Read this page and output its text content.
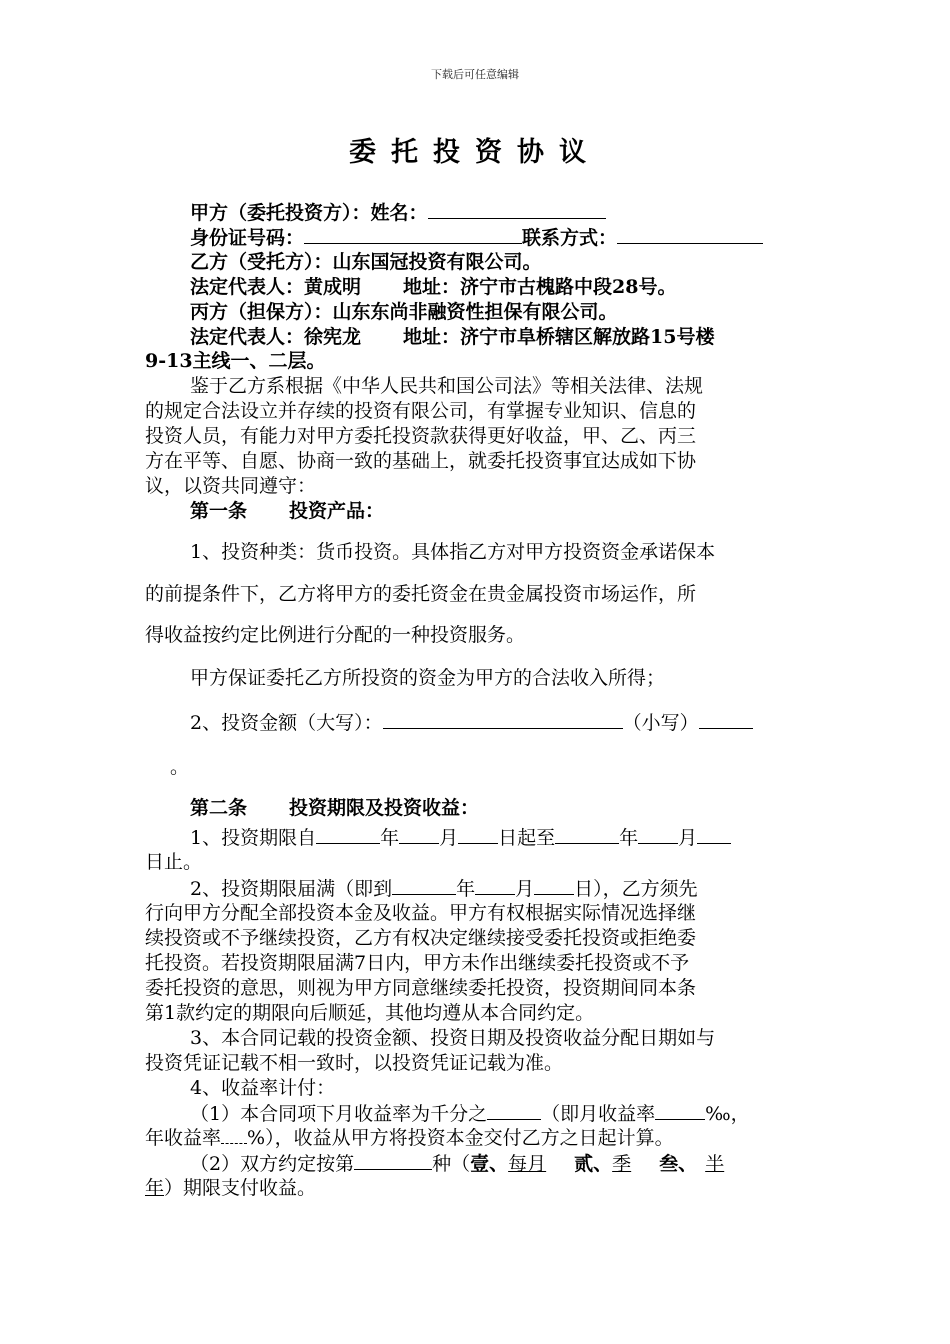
下载后可任意编辑
委托投资协议
甲方（委托投资方）：姓名：
身份证号码：	联系方式：
乙方（受托方）：山东国冠投资有限公司。
法定代表人：黄成明 地址：济宁市古槐路中段28号。
丙方（担保方）：山东东尚非融资性担保有限公司。
法定代表人：徐宪龙 地址：济宁市阜桥辖区解放路15号楼
9-13主线一、二层。
鉴于乙方系根据《中华人民共和国公司法》等相关法律、法规
的规定合法设立并存续的投资有限公司，有掌握专业知识、信息的
投资人员，有能力对甲方委托投资款获得更好收益，甲、乙、丙三
方在平等、自愿、协商一致的基础上，就委托投资事宜达成如下协
议，以资共同遵守：
第一条 投资产品：
1、投资种类：货币投资。具体指乙方对甲方投资资金承诺保本
的前提条件下，乙方将甲方的委托资金在贵金属投资市场运作，所
得收益按约定比例进行分配的一种投资服务。
甲方保证委托乙方所投资的资金为甲方的合法收入所得；
2、投资金额（大写）：	（小写）
。
第二条 投资期限及投资收益：
1、投资期限自	年 月 日起至	年 月
日止。
2、投资期限届满（即到	年 月 日），乙方须先
行向甲方分配全部投资本金及收益。甲方有权根据实际情况选择继
续投资或不予继续投资，乙方有权决定继续接受委托投资或拒绝委
托投资。若投资期限届满7日内，甲方未作出继续委托投资或不予
委托投资的意思，则视为甲方同意继续委托投资，投资期间同本条
第1款约定的期限向后顺延，其他均遵从本合同约定。
3、本合同记载的投资金额、投资日期及投资收益分配日期如与
投资凭证记载不相一致时，以投资凭证记载为准。
4、收益率计付：
（1）本合同项下月收益率为千分之	（即月收益率	‰，
年收益率 %），收益从甲方将投资本金交付乙方之日起计算。
（2）双方约定按第	种（壹、每月 贰、季 叁、 半
年）期限支付收益。
